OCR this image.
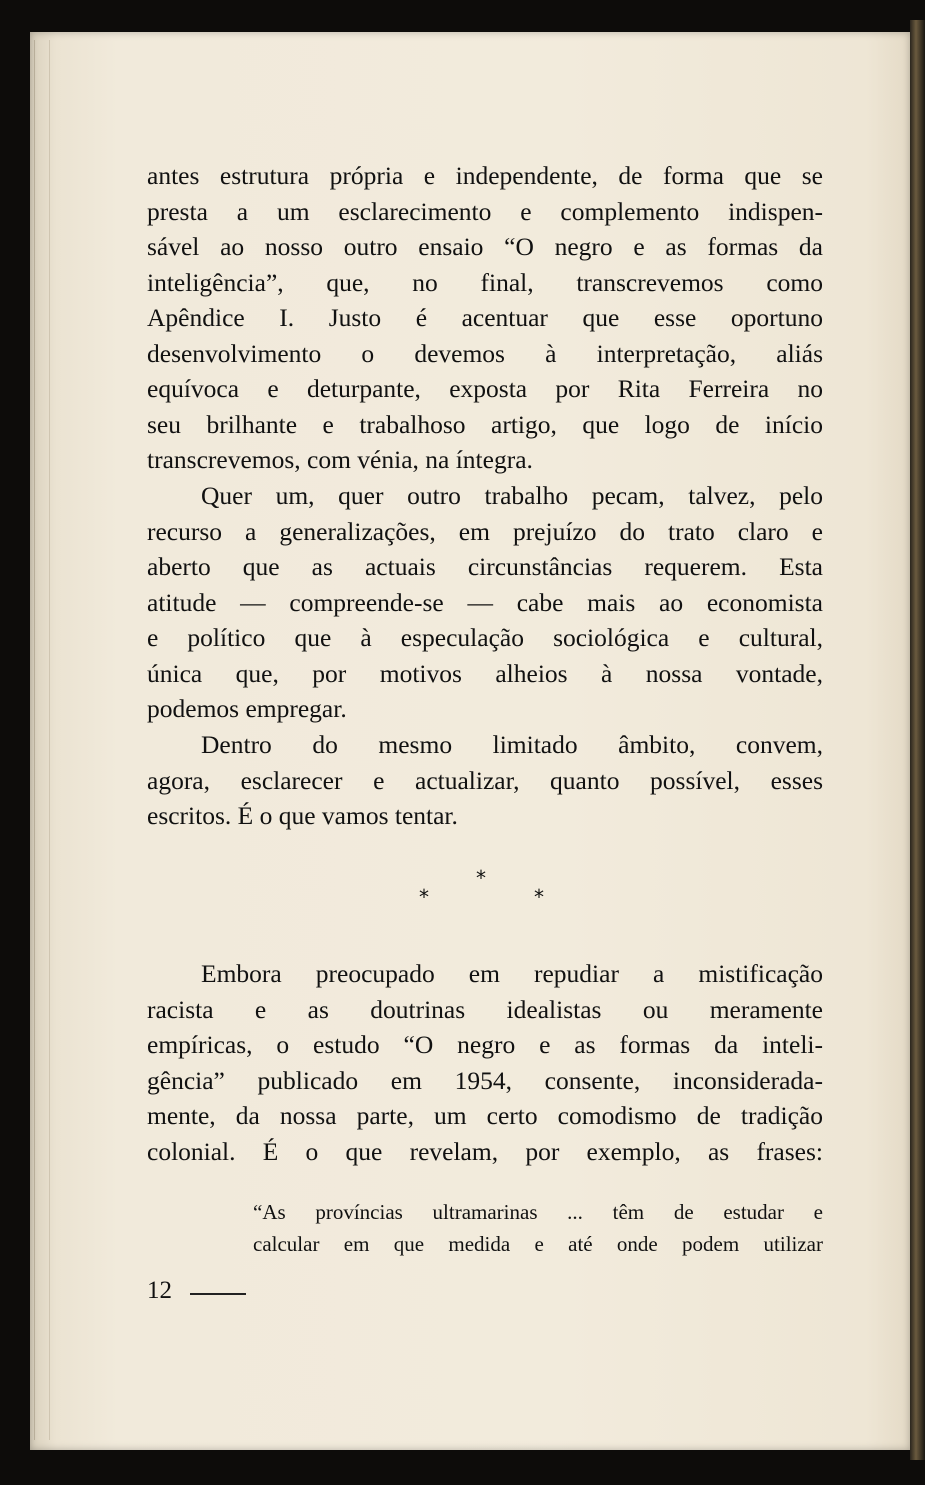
antes estrutura própria e independente, de forma que se
presta a um esclarecimento e complemento indispen-
sável ao nosso outro ensaio “O negro e as formas da
inteligência”, que, no final, transcrevemos como
Apêndice I. Justo é acentuar que esse oportuno
desenvolvimento o devemos à interpretação, aliás
equívoca e deturpante, exposta por Rita Ferreira no
seu brilhante e trabalhoso artigo, que logo de início
transcrevemos, com vénia, na íntegra.
Quer um, quer outro trabalho pecam, talvez, pelo
recurso a generalizações, em prejuízo do trato claro e
aberto que as actuais circunstâncias requerem. Esta
atitude — compreende-se — cabe mais ao economista
e político que à especulação sociológica e cultural,
única que, por motivos alheios à nossa vontade,
podemos empregar.
Dentro do mesmo limitado âmbito, convem,
agora, esclarecer e actualizar, quanto possível, esses
escritos. É o que vamos tentar.
*
*	*
Embora preocupado em repudiar a mistificação
racista e as doutrinas idealistas ou meramente
empíricas, o estudo “O negro e as formas da inteli-
gência” publicado em 1954, consente, inconsiderada-
mente, da nossa parte, um certo comodismo de tradição
colonial. É o que revelam, por exemplo, as frases:
“As províncias ultramarinas ... têm de estudar e
calcular em que medida e até onde podem utilizar
12
